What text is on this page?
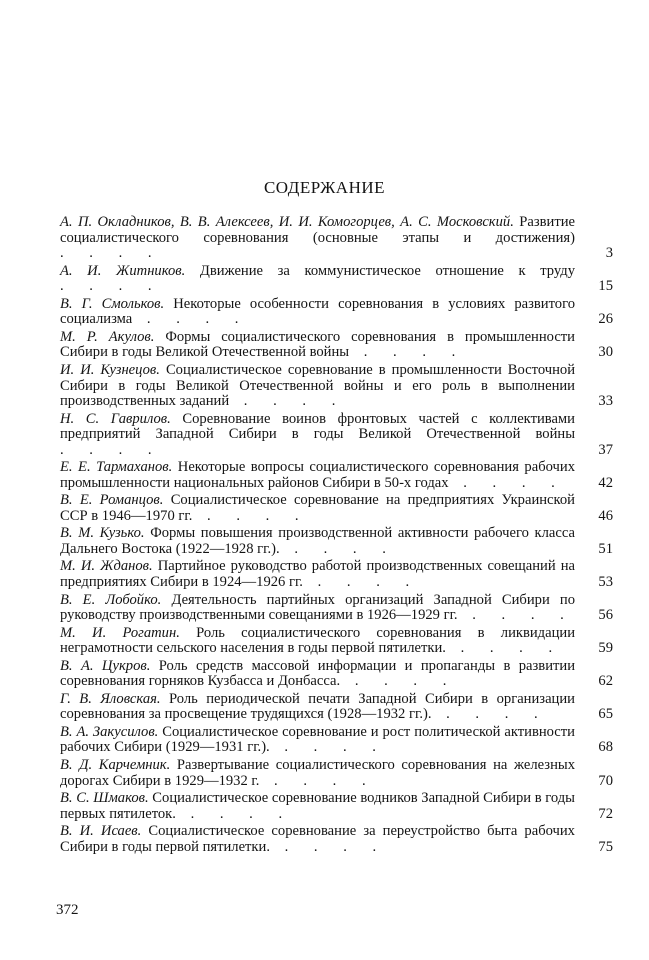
СОДЕРЖАНИЕ
А. П. Окладников, В. В. Алексеев, И. И. Комогорцев, А. С. Московский. Развитие социалистического соревнования (основные этапы и достижения) . . . .	3
А. И. Житников. Движение за коммунистическое отношение к труду . . . .	15
В. Г. Смольков. Некоторые особенности соревнования в условиях развитого социализма . . . .	26
М. Р. Акулов. Формы социалистического соревнования в промышленности Сибири в годы Великой Отечественной войны . . . .	30
И. И. Кузнецов. Социалистическое соревнование в промышленности Восточной Сибири в годы Великой Отечественной войны и его роль в выполнении производственных заданий . . . .	33
Н. С. Гаврилов. Соревнование воинов фронтовых частей с коллективами предприятий Западной Сибири в годы Великой Отечественной войны . . . .	37
Е. Е. Тармаханов. Некоторые вопросы социалистического соревнования рабочих промышленности национальных районов Сибири в 50-х годах . . . .	42
В. Е. Романцов. Социалистическое соревнование на предприятиях Украинской ССР в 1946—1970 гг. . . . .	46
В. М. Кузько. Формы повышения производственной активности рабочего класса Дальнего Востока (1922—1928 гг.). . . . .	51
М. И. Жданов. Партийное руководство работой производственных совещаний на предприятиях Сибири в 1924—1926 гг. . . . .	53
В. Е. Лобойко. Деятельность партийных организаций Западной Сибири по руководству производственными совещаниями в 1926—1929 гг. . . . .	56
М. И. Рогатин. Роль социалистического соревнования в ликвидации неграмотности сельского населения в годы первой пятилетки. . . . .	59
В. А. Цукров. Роль средств массовой информации и пропаганды в развитии соревнования горняков Кузбасса и Донбасса. . . . .	62
Г. В. Яловская. Роль периодической печати Западной Сибири в организации соревнования за просвещение трудящихся (1928—1932 гг.). . . . .	65
В. А. Закусилов. Социалистическое соревнование и рост политической активности рабочих Сибири (1929—1931 гг.). . . . .	68
В. Д. Карчемник. Развертывание социалистического соревнования на железных дорогах Сибири в 1929—1932 г. . . . .	70
В. С. Шмаков. Социалистическое соревнование водников Западной Сибири в годы первых пятилеток. . . . .	72
В. И. Исаев. Социалистическое соревнование за переустройство быта рабочих Сибири в годы первой пятилетки. . . . .	75
372
